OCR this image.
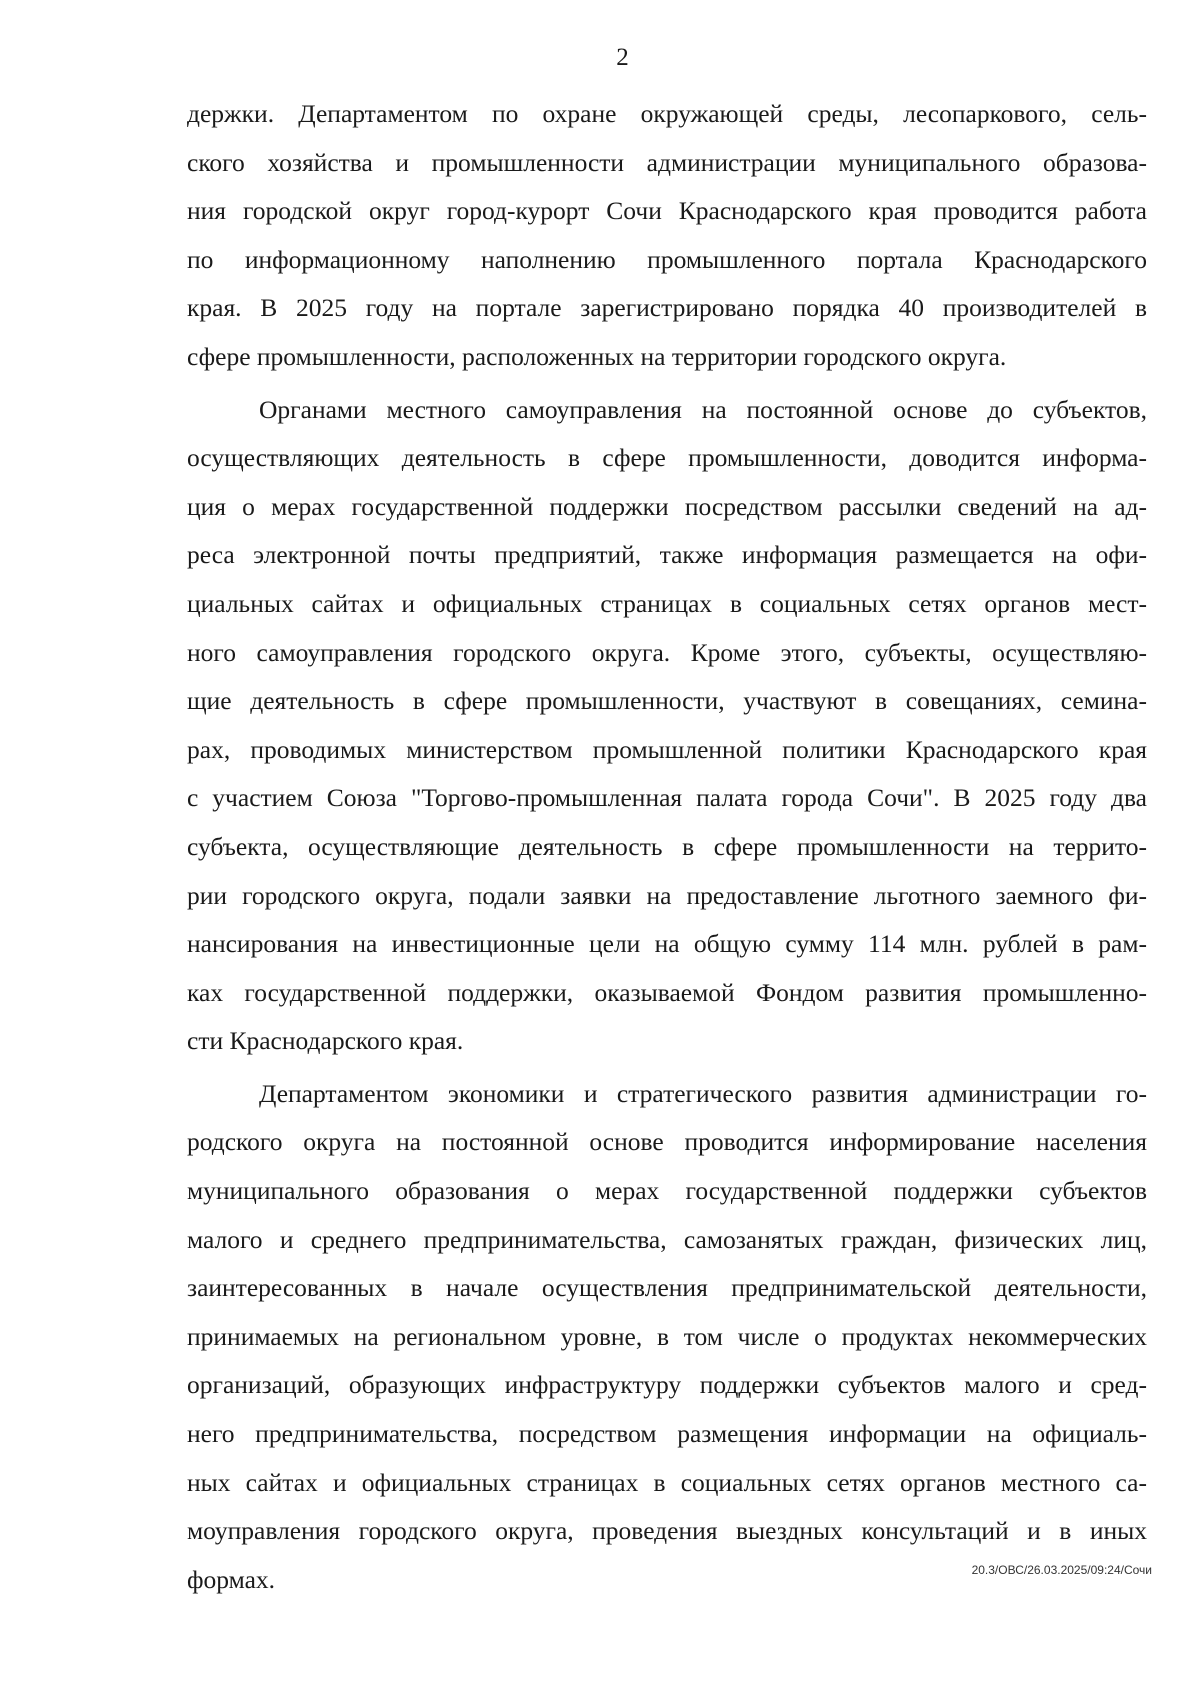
2
держки. Департаментом по охране окружающей среды, лесопаркового, сель-
ского хозяйства и промышленности администрации муниципального образова-
ния городской округ город-курорт Сочи Краснодарского края проводится работа
по информационному наполнению промышленного портала Краснодарского
края. В 2025 году на портале зарегистрировано порядка 40 производителей в
сфере промышленности, расположенных на территории городского округа.
Органами местного самоуправления на постоянной основе до субъектов,
осуществляющих деятельность в сфере промышленности, доводится информа-
ция о мерах государственной поддержки посредством рассылки сведений на ад-
реса электронной почты предприятий, также информация размещается на офи-
циальных сайтах и официальных страницах в социальных сетях органов мест-
ного самоуправления городского округа. Кроме этого, субъекты, осуществляю-
щие деятельность в сфере промышленности, участвуют в совещаниях, семина-
рах, проводимых министерством промышленной политики Краснодарского края
с участием Союза "Торгово-промышленная палата города Сочи". В 2025 году два
субъекта, осуществляющие деятельность в сфере промышленности на террито-
рии городского округа, подали заявки на предоставление льготного заемного фи-
нансирования на инвестиционные цели на общую сумму 114 млн. рублей в рам-
ках государственной поддержки, оказываемой Фондом развития промышленно-
сти Краснодарского края.
Департаментом экономики и стратегического развития администрации го-
родского округа на постоянной основе проводится информирование населения
муниципального образования о мерах государственной поддержки субъектов
малого и среднего предпринимательства, самозанятых граждан, физических лиц,
заинтересованных в начале осуществления предпринимательской деятельности,
принимаемых на региональном уровне, в том числе о продуктах некоммерческих
организаций, образующих инфраструктуру поддержки субъектов малого и сред-
него предпринимательства, посредством размещения информации на официаль-
ных сайтах и официальных страницах в социальных сетях органов местного са-
моуправления городского округа, проведения выездных консультаций и в иных
формах.	20.3/ОВС/26.03.2025/09:24/Сочи
